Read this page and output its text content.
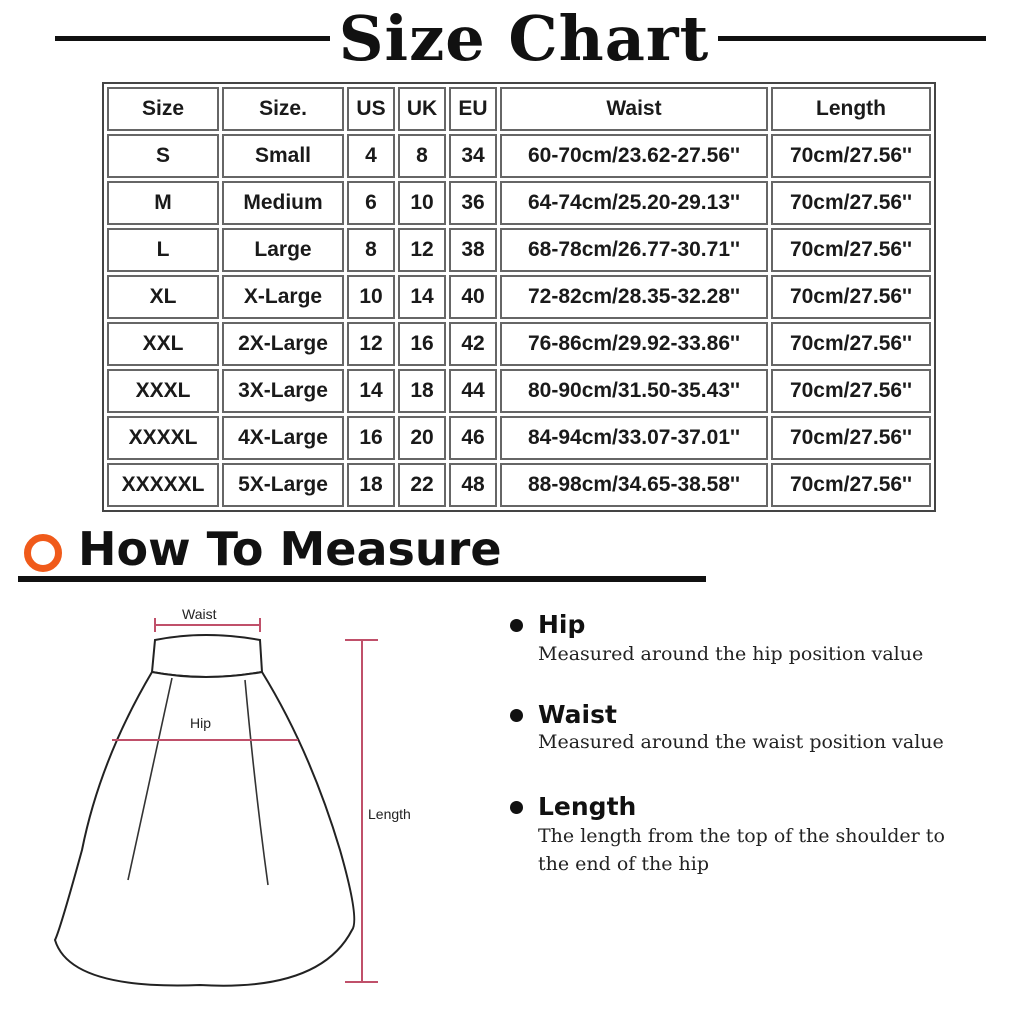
Size Chart
Size	Size.	US	UK	EU	Waist	Length
S	Small	4	8	34	60-70cm/23.62-27.56''	70cm/27.56''
M	Medium	6	10	36	64-74cm/25.20-29.13''	70cm/27.56''
L	Large	8	12	38	68-78cm/26.77-30.71''	70cm/27.56''
XL	X-Large	10	14	40	72-82cm/28.35-32.28''	70cm/27.56''
XXL	2X-Large	12	16	42	76-86cm/29.92-33.86''	70cm/27.56''
XXXL	3X-Large	14	18	44	80-90cm/31.50-35.43''	70cm/27.56''
XXXXL	4X-Large	16	20	46	84-94cm/33.07-37.01''	70cm/27.56''
XXXXXL	5X-Large	18	22	48	88-98cm/34.65-38.58''	70cm/27.56''
How To Measure
Waist
Hip
Length
Hip
Measured around the hip position value
Waist
Measured around the waist position value
Length
The length from the top of the shoulder to the end of the hip
